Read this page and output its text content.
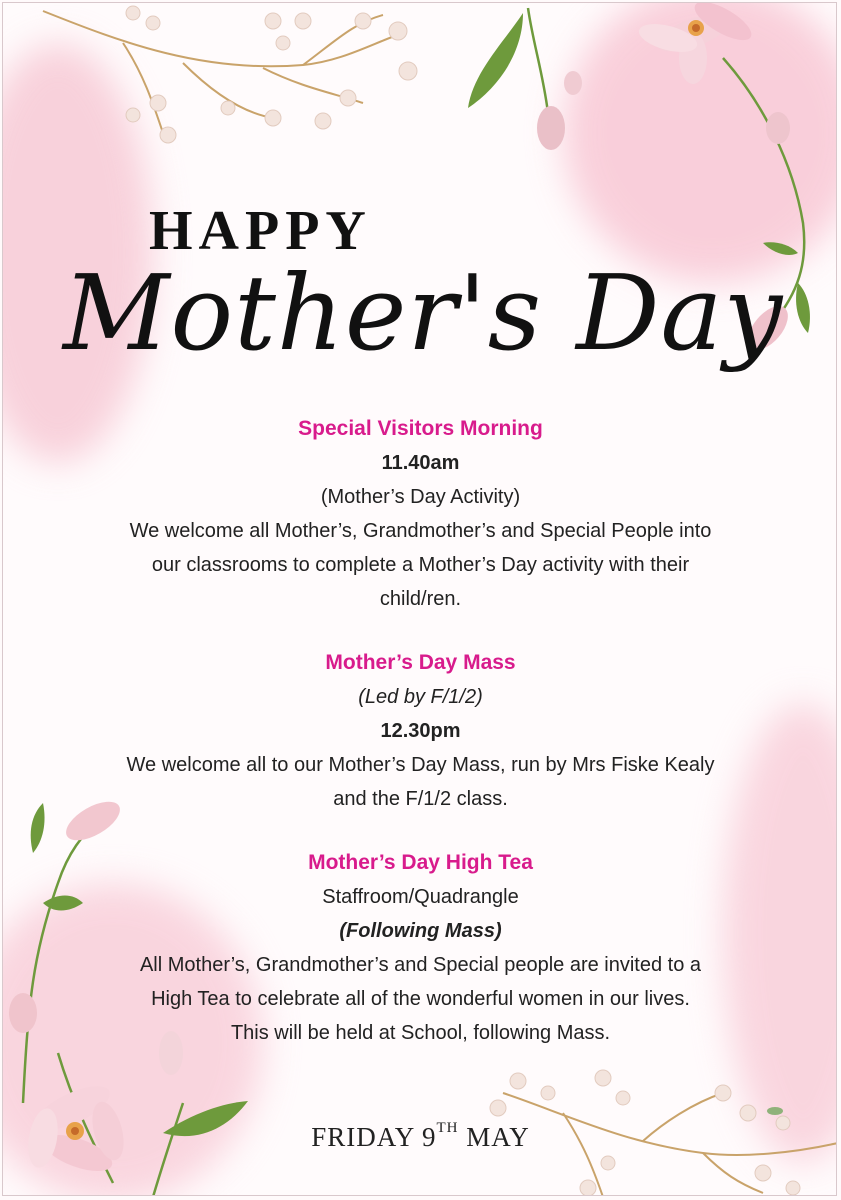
HAPPY
Mother's Day
Special Visitors Morning
11.40am
(Mother’s Day Activity)
We welcome all Mother’s, Grandmother’s and Special People into
our classrooms to complete a Mother’s Day activity with their
child/ren.
Mother’s Day Mass
(Led by F/1/2)
12.30pm
We welcome all to our Mother’s Day Mass, run by Mrs Fiske Kealy
and the F/1/2 class.
Mother’s Day High Tea
Staffroom/Quadrangle
(Following Mass)
All Mother’s, Grandmother’s and Special people are invited to a
High Tea to celebrate all of the wonderful women in our lives.
This will be held at School, following Mass.
FRIDAY 9TH MAY
